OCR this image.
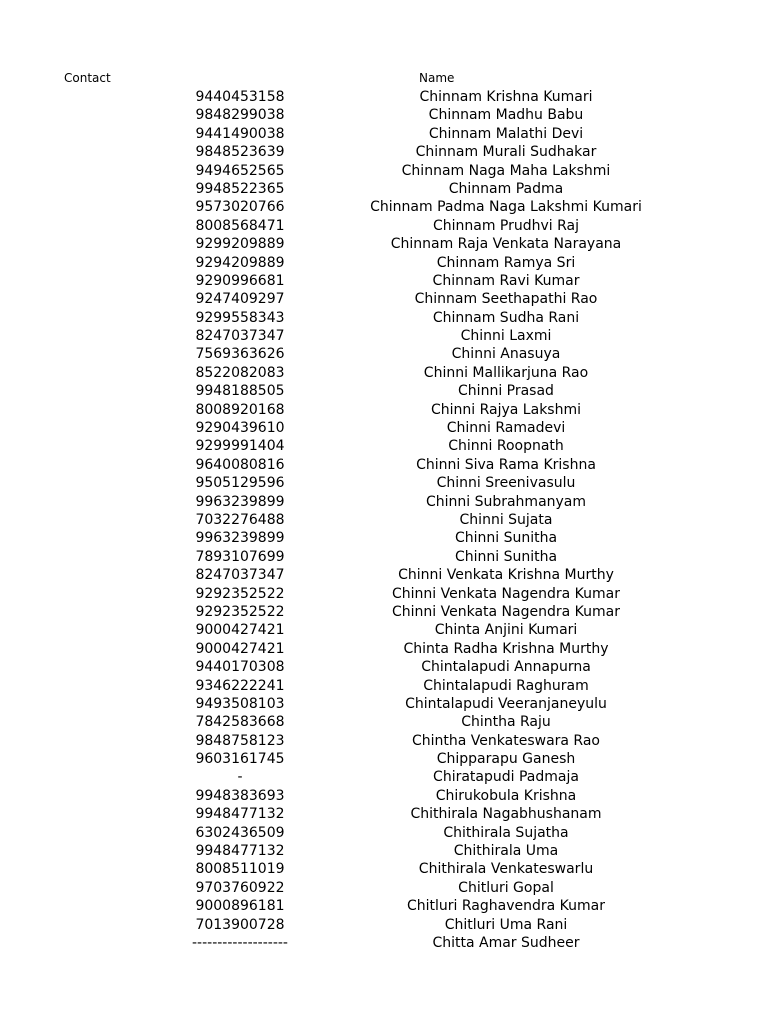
Contact	Name
9440453158	Chinnam Krishna Kumari
9848299038	Chinnam Madhu Babu
9441490038	Chinnam Malathi Devi
9848523639	Chinnam Murali Sudhakar
9494652565	Chinnam Naga Maha Lakshmi
9948522365	Chinnam Padma
9573020766	Chinnam Padma Naga Lakshmi Kumari
8008568471	Chinnam Prudhvi Raj
9299209889	Chinnam Raja Venkata Narayana
9294209889	Chinnam Ramya Sri
9290996681	Chinnam Ravi Kumar
9247409297	Chinnam Seethapathi Rao
9299558343	Chinnam Sudha Rani
8247037347	Chinni Laxmi
7569363626	Chinni Anasuya
8522082083	Chinni Mallikarjuna Rao
9948188505	Chinni Prasad
8008920168	Chinni Rajya Lakshmi
9290439610	Chinni Ramadevi
9299991404	Chinni Roopnath
9640080816	Chinni Siva Rama Krishna
9505129596	Chinni Sreenivasulu
9963239899	Chinni Subrahmanyam
7032276488	Chinni Sujata
9963239899	Chinni Sunitha
7893107699	Chinni Sunitha
8247037347	Chinni Venkata Krishna Murthy
9292352522	Chinni Venkata Nagendra Kumar
9292352522	Chinni Venkata Nagendra Kumar
9000427421	Chinta Anjini Kumari
9000427421	Chinta Radha Krishna Murthy
9440170308	Chintalapudi Annapurna
9346222241	Chintalapudi Raghuram
9493508103	Chintalapudi Veeranjaneyulu
7842583668	Chintha Raju
9848758123	Chintha Venkateswara Rao
9603161745	Chipparapu Ganesh
-	Chiratapudi Padmaja
9948383693	Chirukobula Krishna
9948477132	Chithirala Nagabhushanam
6302436509	Chithirala Sujatha
9948477132	Chithirala Uma
8008511019	Chithirala Venkateswarlu
9703760922	Chitluri Gopal
9000896181	Chitluri Raghavendra Kumar
7013900728	Chitluri Uma Rani
-------------------	Chitta Amar Sudheer
